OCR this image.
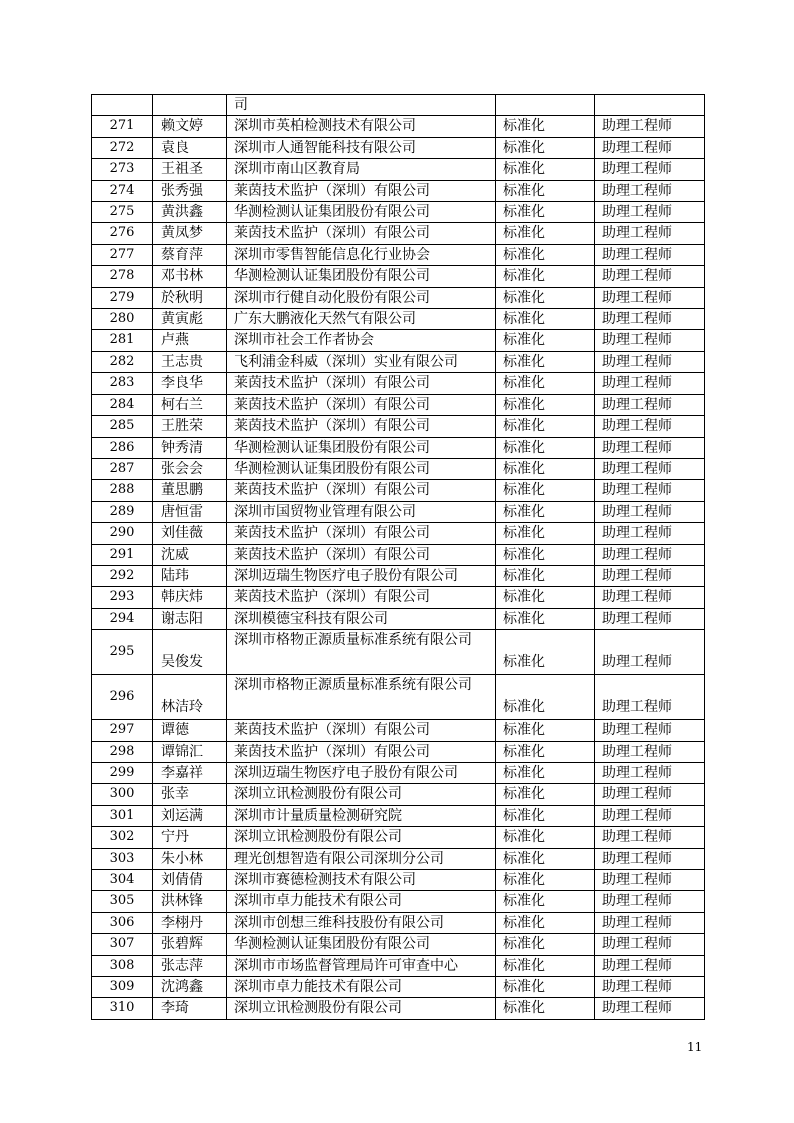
		司		
271	赖文婷	深圳市英柏检测技术有限公司	标准化	助理工程师
272	袁良	深圳市人通智能科技有限公司	标准化	助理工程师
273	王祖圣	深圳市南山区教育局	标准化	助理工程师
274	张秀强	莱茵技术监护（深圳）有限公司	标准化	助理工程师
275	黄洪鑫	华测检测认证集团股份有限公司	标准化	助理工程师
276	黄凤梦	莱茵技术监护（深圳）有限公司	标准化	助理工程师
277	蔡育萍	深圳市零售智能信息化行业协会	标准化	助理工程师
278	邓书林	华测检测认证集团股份有限公司	标准化	助理工程师
279	於秋明	深圳市行健自动化股份有限公司	标准化	助理工程师
280	黄寅彪	广东大鹏液化天然气有限公司	标准化	助理工程师
281	卢燕	深圳市社会工作者协会	标准化	助理工程师
282	王志贵	飞利浦金科威（深圳）实业有限公司	标准化	助理工程师
283	李良华	莱茵技术监护（深圳）有限公司	标准化	助理工程师
284	柯右兰	莱茵技术监护（深圳）有限公司	标准化	助理工程师
285	王胜荣	莱茵技术监护（深圳）有限公司	标准化	助理工程师
286	钟秀清	华测检测认证集团股份有限公司	标准化	助理工程师
287	张会会	华测检测认证集团股份有限公司	标准化	助理工程师
288	董思鹏	莱茵技术监护（深圳）有限公司	标准化	助理工程师
289	唐恒雷	深圳市国贸物业管理有限公司	标准化	助理工程师
290	刘佳薇	莱茵技术监护（深圳）有限公司	标准化	助理工程师
291	沈威	莱茵技术监护（深圳）有限公司	标准化	助理工程师
292	陆玮	深圳迈瑞生物医疗电子股份有限公司	标准化	助理工程师
293	韩庆炜	莱茵技术监护（深圳）有限公司	标准化	助理工程师
294	谢志阳	深圳模德宝科技有限公司	标准化	助理工程师
295	吴俊发	深圳市格物正源质量标准系统有限公司	标准化	助理工程师
296	林洁玲	深圳市格物正源质量标准系统有限公司	标准化	助理工程师
297	谭德	莱茵技术监护（深圳）有限公司	标准化	助理工程师
298	谭锦汇	莱茵技术监护（深圳）有限公司	标准化	助理工程师
299	李嘉祥	深圳迈瑞生物医疗电子股份有限公司	标准化	助理工程师
300	张幸	深圳立讯检测股份有限公司	标准化	助理工程师
301	刘运满	深圳市计量质量检测研究院	标准化	助理工程师
302	宁丹	深圳立讯检测股份有限公司	标准化	助理工程师
303	朱小林	理光创想智造有限公司深圳分公司	标准化	助理工程师
304	刘倩倩	深圳市赛德检测技术有限公司	标准化	助理工程师
305	洪林锋	深圳市卓力能技术有限公司	标准化	助理工程师
306	李栩丹	深圳市创想三维科技股份有限公司	标准化	助理工程师
307	张碧辉	华测检测认证集团股份有限公司	标准化	助理工程师
308	张志萍	深圳市市场监督管理局许可审查中心	标准化	助理工程师
309	沈鸿鑫	深圳市卓力能技术有限公司	标准化	助理工程师
310	李琦	深圳立讯检测股份有限公司	标准化	助理工程师
11
